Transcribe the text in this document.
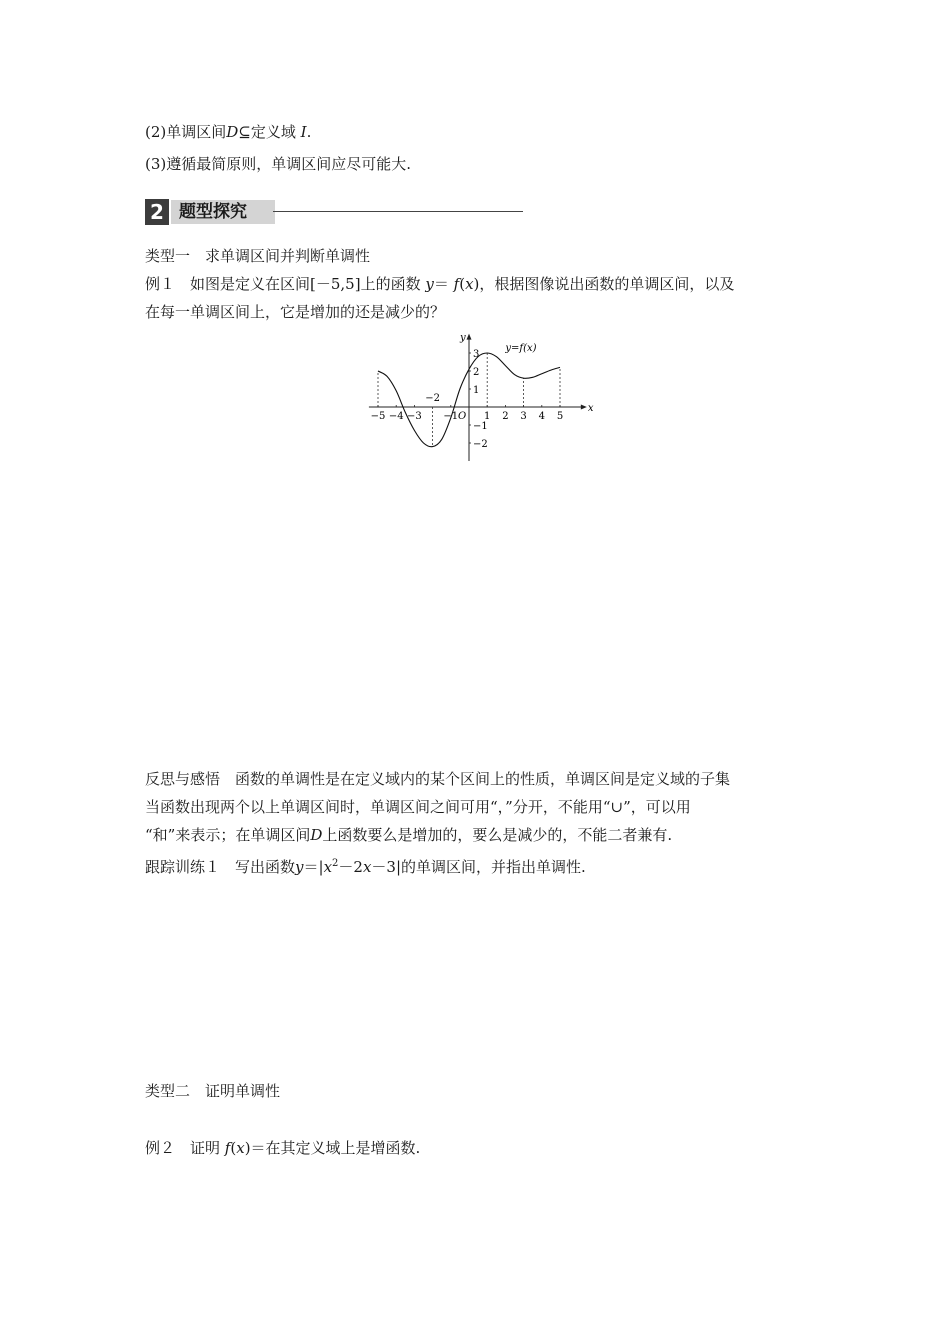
(2)单调区间D⊆定义域 I.
(3)遵循最简原则，单调区间应尽可能大.
2 题型探究
类型一　求单调区间并判断单调性
例１　如图是定义在区间[－5,5]上的函数 y＝ f(x)，根据图像说出函数的单调区间，以及
在每一单调区间上，它是增加的还是减少的？
x
y
O
−5 −4 −3 −1	1 2 3 4 5
3
2
1
−1
−2
−2
y=f(x)
反思与感悟　函数的单调性是在定义域内的某个区间上的性质，单调区间是定义域的子集
当函数出现两个以上单调区间时，单调区间之间可用“，”分开，不能用“∪”，可以用
“和”来表示；在单调区间D上函数要么是增加的，要么是减少的，不能二者兼有.
跟踪训练１　写出函数$y=|x^2-2x-3|$的单调区间，并指出单调性.
类型二　证明单调性
例２　证明 f(x)＝在其定义域上是增函数.
